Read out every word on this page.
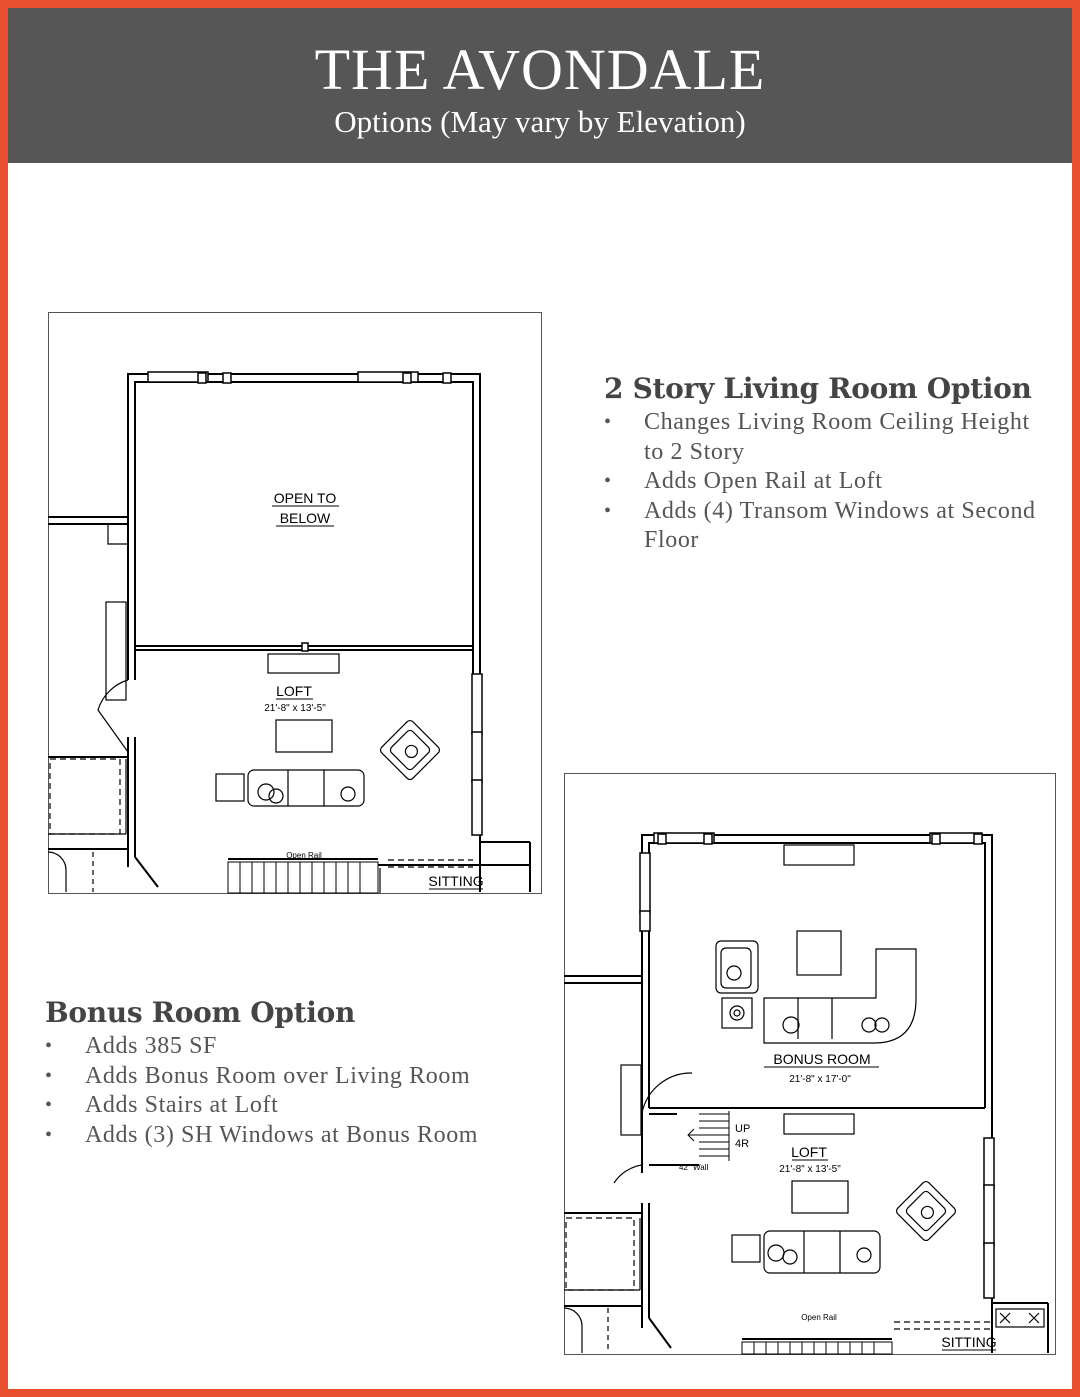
THE AVONDALE
Options (May vary by Elevation)
OPEN TO
BELOW
LOFT
21'-8" x 13'-5"
Open Rail
SITTING
2 Story Living Room Option
• Changes Living Room Ceiling Height to 2 Story
• Adds Open Rail at Loft
• Adds (4) Transom Windows at Second Floor
Bonus Room Option
• Adds 385 SF
• Adds Bonus Room over Living Room
• Adds Stairs at Loft
• Adds (3) SH Windows at Bonus Room
BONUS ROOM
21'-8" x 17'-0"
UP
4R
42" Wall
LOFT
21'-8" x 13'-5"
Open Rail
SITTING
